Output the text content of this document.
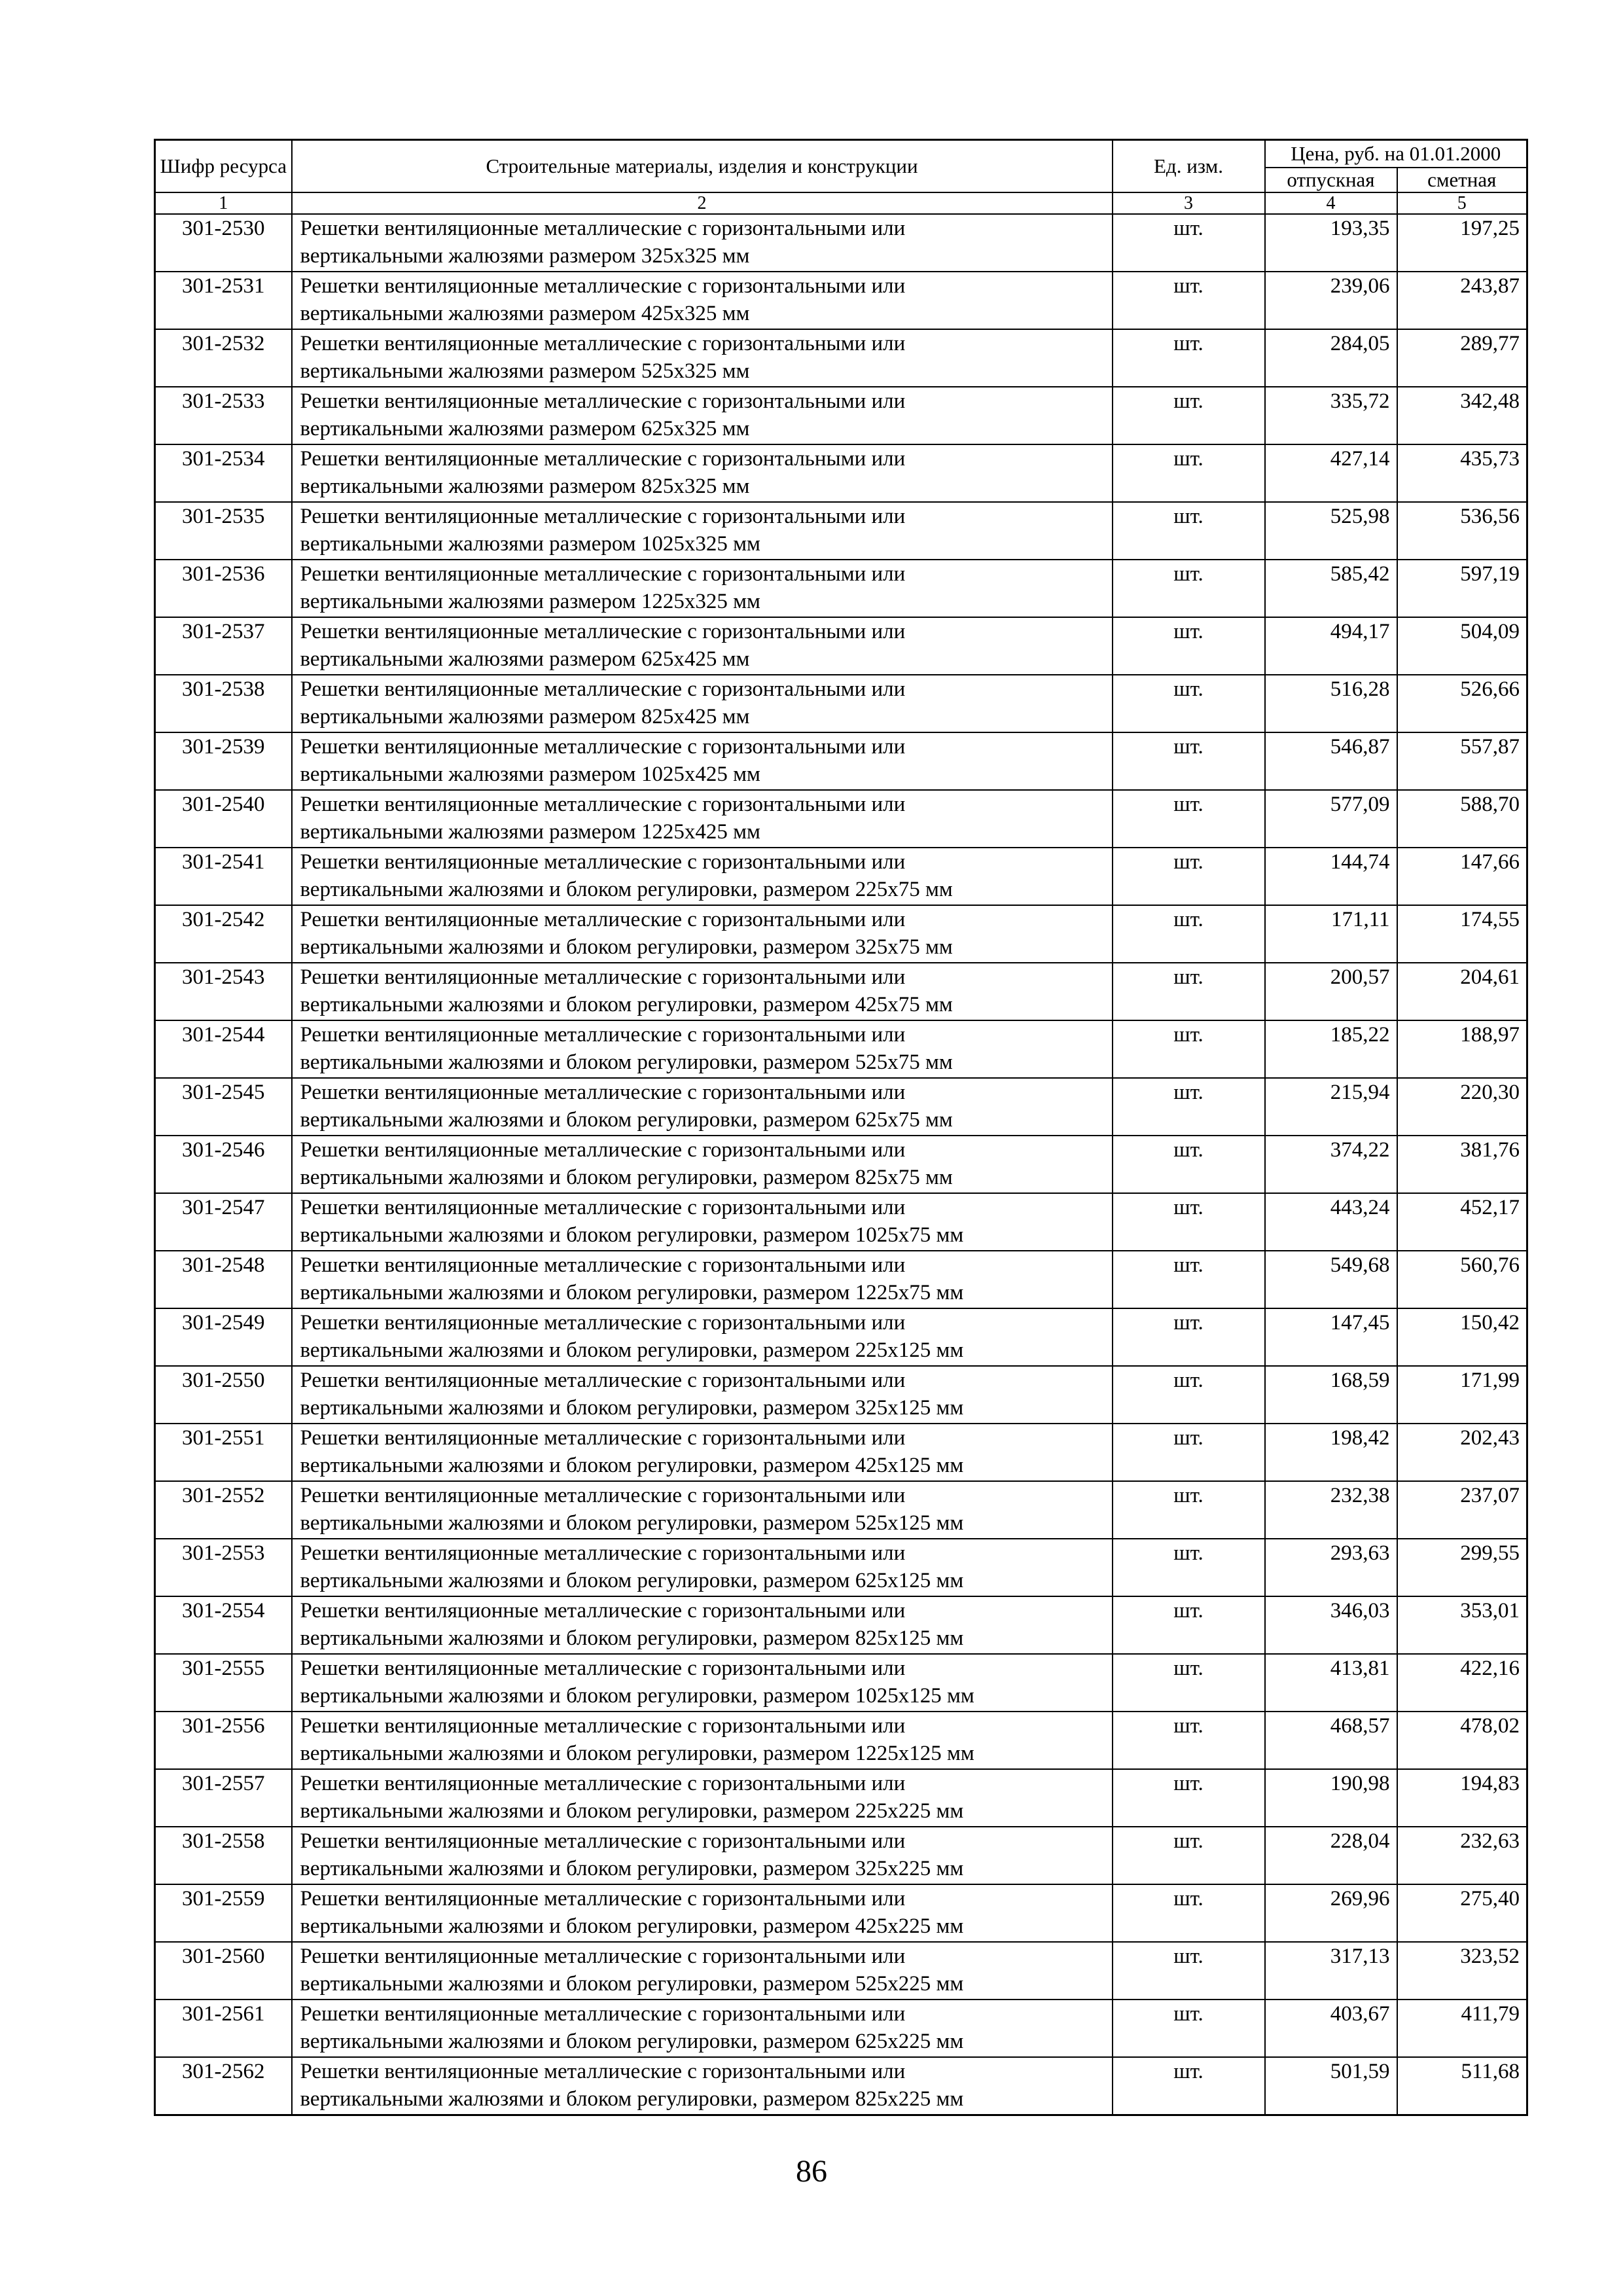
Шифр ресурса	Строительные материалы, изделия и конструкции	Ед. изм.	Цена, руб. на 01.01.2000	
			отпускная	сметная
1	2	3	4	5
301-2530	Решетки вентиляционные металлические с горизонтальными или
вертикальными жалюзями размером 325х325 мм	шт.	193,35	197,25
301-2531	Решетки вентиляционные металлические с горизонтальными или
вертикальными жалюзями размером 425х325 мм	шт.	239,06	243,87
301-2532	Решетки вентиляционные металлические с горизонтальными или
вертикальными жалюзями размером 525х325 мм	шт.	284,05	289,77
301-2533	Решетки вентиляционные металлические с горизонтальными или
вертикальными жалюзями размером 625х325 мм	шт.	335,72	342,48
301-2534	Решетки вентиляционные металлические с горизонтальными или
вертикальными жалюзями размером 825х325 мм	шт.	427,14	435,73
301-2535	Решетки вентиляционные металлические с горизонтальными или
вертикальными жалюзями размером 1025х325 мм	шт.	525,98	536,56
301-2536	Решетки вентиляционные металлические с горизонтальными или
вертикальными жалюзями размером 1225х325 мм	шт.	585,42	597,19
301-2537	Решетки вентиляционные металлические с горизонтальными или
вертикальными жалюзями размером 625х425 мм	шт.	494,17	504,09
301-2538	Решетки вентиляционные металлические с горизонтальными или
вертикальными жалюзями размером 825х425 мм	шт.	516,28	526,66
301-2539	Решетки вентиляционные металлические с горизонтальными или
вертикальными жалюзями размером 1025х425 мм	шт.	546,87	557,87
301-2540	Решетки вентиляционные металлические с горизонтальными или
вертикальными жалюзями размером 1225х425 мм	шт.	577,09	588,70
301-2541	Решетки вентиляционные металлические с горизонтальными или
вертикальными жалюзями и блоком регулировки, размером 225х75 мм	шт.	144,74	147,66
301-2542	Решетки вентиляционные металлические с горизонтальными или
вертикальными жалюзями и блоком регулировки, размером 325х75 мм	шт.	171,11	174,55
301-2543	Решетки вентиляционные металлические с горизонтальными или
вертикальными жалюзями и блоком регулировки, размером 425х75 мм	шт.	200,57	204,61
301-2544	Решетки вентиляционные металлические с горизонтальными или
вертикальными жалюзями и блоком регулировки, размером 525х75 мм	шт.	185,22	188,97
301-2545	Решетки вентиляционные металлические с горизонтальными или
вертикальными жалюзями и блоком регулировки, размером 625х75 мм	шт.	215,94	220,30
301-2546	Решетки вентиляционные металлические с горизонтальными или
вертикальными жалюзями и блоком регулировки, размером 825х75 мм	шт.	374,22	381,76
301-2547	Решетки вентиляционные металлические с горизонтальными или
вертикальными жалюзями и блоком регулировки, размером 1025х75 мм	шт.	443,24	452,17
301-2548	Решетки вентиляционные металлические с горизонтальными или
вертикальными жалюзями и блоком регулировки, размером 1225х75 мм	шт.	549,68	560,76
301-2549	Решетки вентиляционные металлические с горизонтальными или
вертикальными жалюзями и блоком регулировки, размером 225х125 мм	шт.	147,45	150,42
301-2550	Решетки вентиляционные металлические с горизонтальными или
вертикальными жалюзями и блоком регулировки, размером 325х125 мм	шт.	168,59	171,99
301-2551	Решетки вентиляционные металлические с горизонтальными или
вертикальными жалюзями и блоком регулировки, размером 425х125 мм	шт.	198,42	202,43
301-2552	Решетки вентиляционные металлические с горизонтальными или
вертикальными жалюзями и блоком регулировки, размером 525х125 мм	шт.	232,38	237,07
301-2553	Решетки вентиляционные металлические с горизонтальными или
вертикальными жалюзями и блоком регулировки, размером 625х125 мм	шт.	293,63	299,55
301-2554	Решетки вентиляционные металлические с горизонтальными или
вертикальными жалюзями и блоком регулировки, размером 825х125 мм	шт.	346,03	353,01
301-2555	Решетки вентиляционные металлические с горизонтальными или
вертикальными жалюзями и блоком регулировки, размером 1025х125 мм	шт.	413,81	422,16
301-2556	Решетки вентиляционные металлические с горизонтальными или
вертикальными жалюзями и блоком регулировки, размером 1225х125 мм	шт.	468,57	478,02
301-2557	Решетки вентиляционные металлические с горизонтальными или
вертикальными жалюзями и блоком регулировки, размером 225х225 мм	шт.	190,98	194,83
301-2558	Решетки вентиляционные металлические с горизонтальными или
вертикальными жалюзями и блоком регулировки, размером 325х225 мм	шт.	228,04	232,63
301-2559	Решетки вентиляционные металлические с горизонтальными или
вертикальными жалюзями и блоком регулировки, размером 425х225 мм	шт.	269,96	275,40
301-2560	Решетки вентиляционные металлические с горизонтальными или
вертикальными жалюзями и блоком регулировки, размером 525х225 мм	шт.	317,13	323,52
301-2561	Решетки вентиляционные металлические с горизонтальными или
вертикальными жалюзями и блоком регулировки, размером 625х225 мм	шт.	403,67	411,79
301-2562	Решетки вентиляционные металлические с горизонтальными или
вертикальными жалюзями и блоком регулировки, размером 825х225 мм	шт.	501,59	511,68
86
